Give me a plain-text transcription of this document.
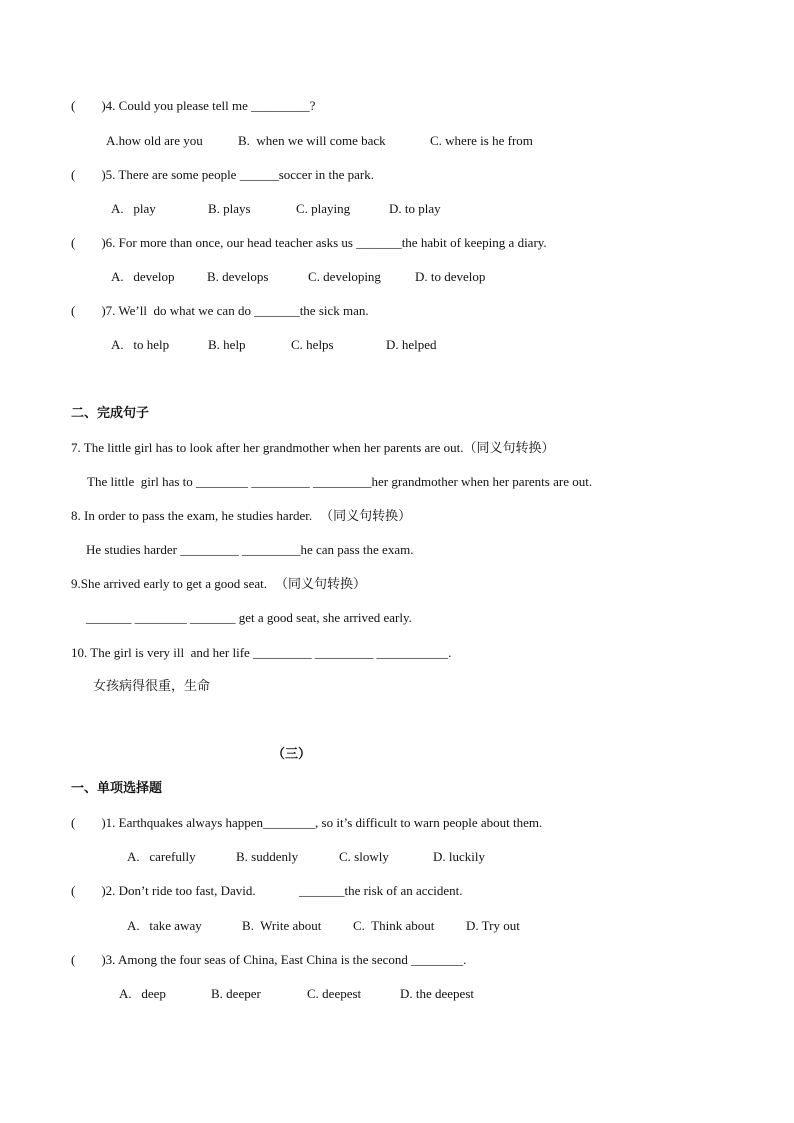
(        )4. Could you please tell me _________?
A.how old are you	B.  when we will come back	C. where is he from
(        )5. There are some people ______soccer in the park.
A.   play	B. plays	C. playing	D. to play
(        )6. For more than once, our head teacher asks us _______the habit of keeping a diary.
A.   develop B. develops	C. developing	D. to develop
(        )7. We’ll  do what we can do _______the sick man.
A.   to help	B. help	C. helps	D. helped
二、完成句子
7. The little girl has to look after her grandmother when her parents are out.（同义句转换）
The little  girl has to ________ _________ _________her grandmother when her parents are out.
8. In order to pass the exam, he studies harder. （同义句转换）
He studies harder _________ _________he can pass the exam.
9.She arrived early to get a good seat. （同义句转换）
_______ ________ _______ get a good seat, she arrived early.
10. The girl is very ill  and her life _________ _________ ___________.
女孩病得很重，生命
（三）
一、单项选择题
(        )1. Earthquakes always happen________, so it’s difficult to warn people about them.
A.   carefully	B. suddenly	C. slowly	D. luckily
(        )2. Don’t ride too fast, David.	_______the risk of an accident.
A.   take away	B.  Write about C.  Think about D. Try out
(        )3. Among the four seas of China, East China is the second ________.
A.   deep	B. deeper	C. deepest	D. the deepest
